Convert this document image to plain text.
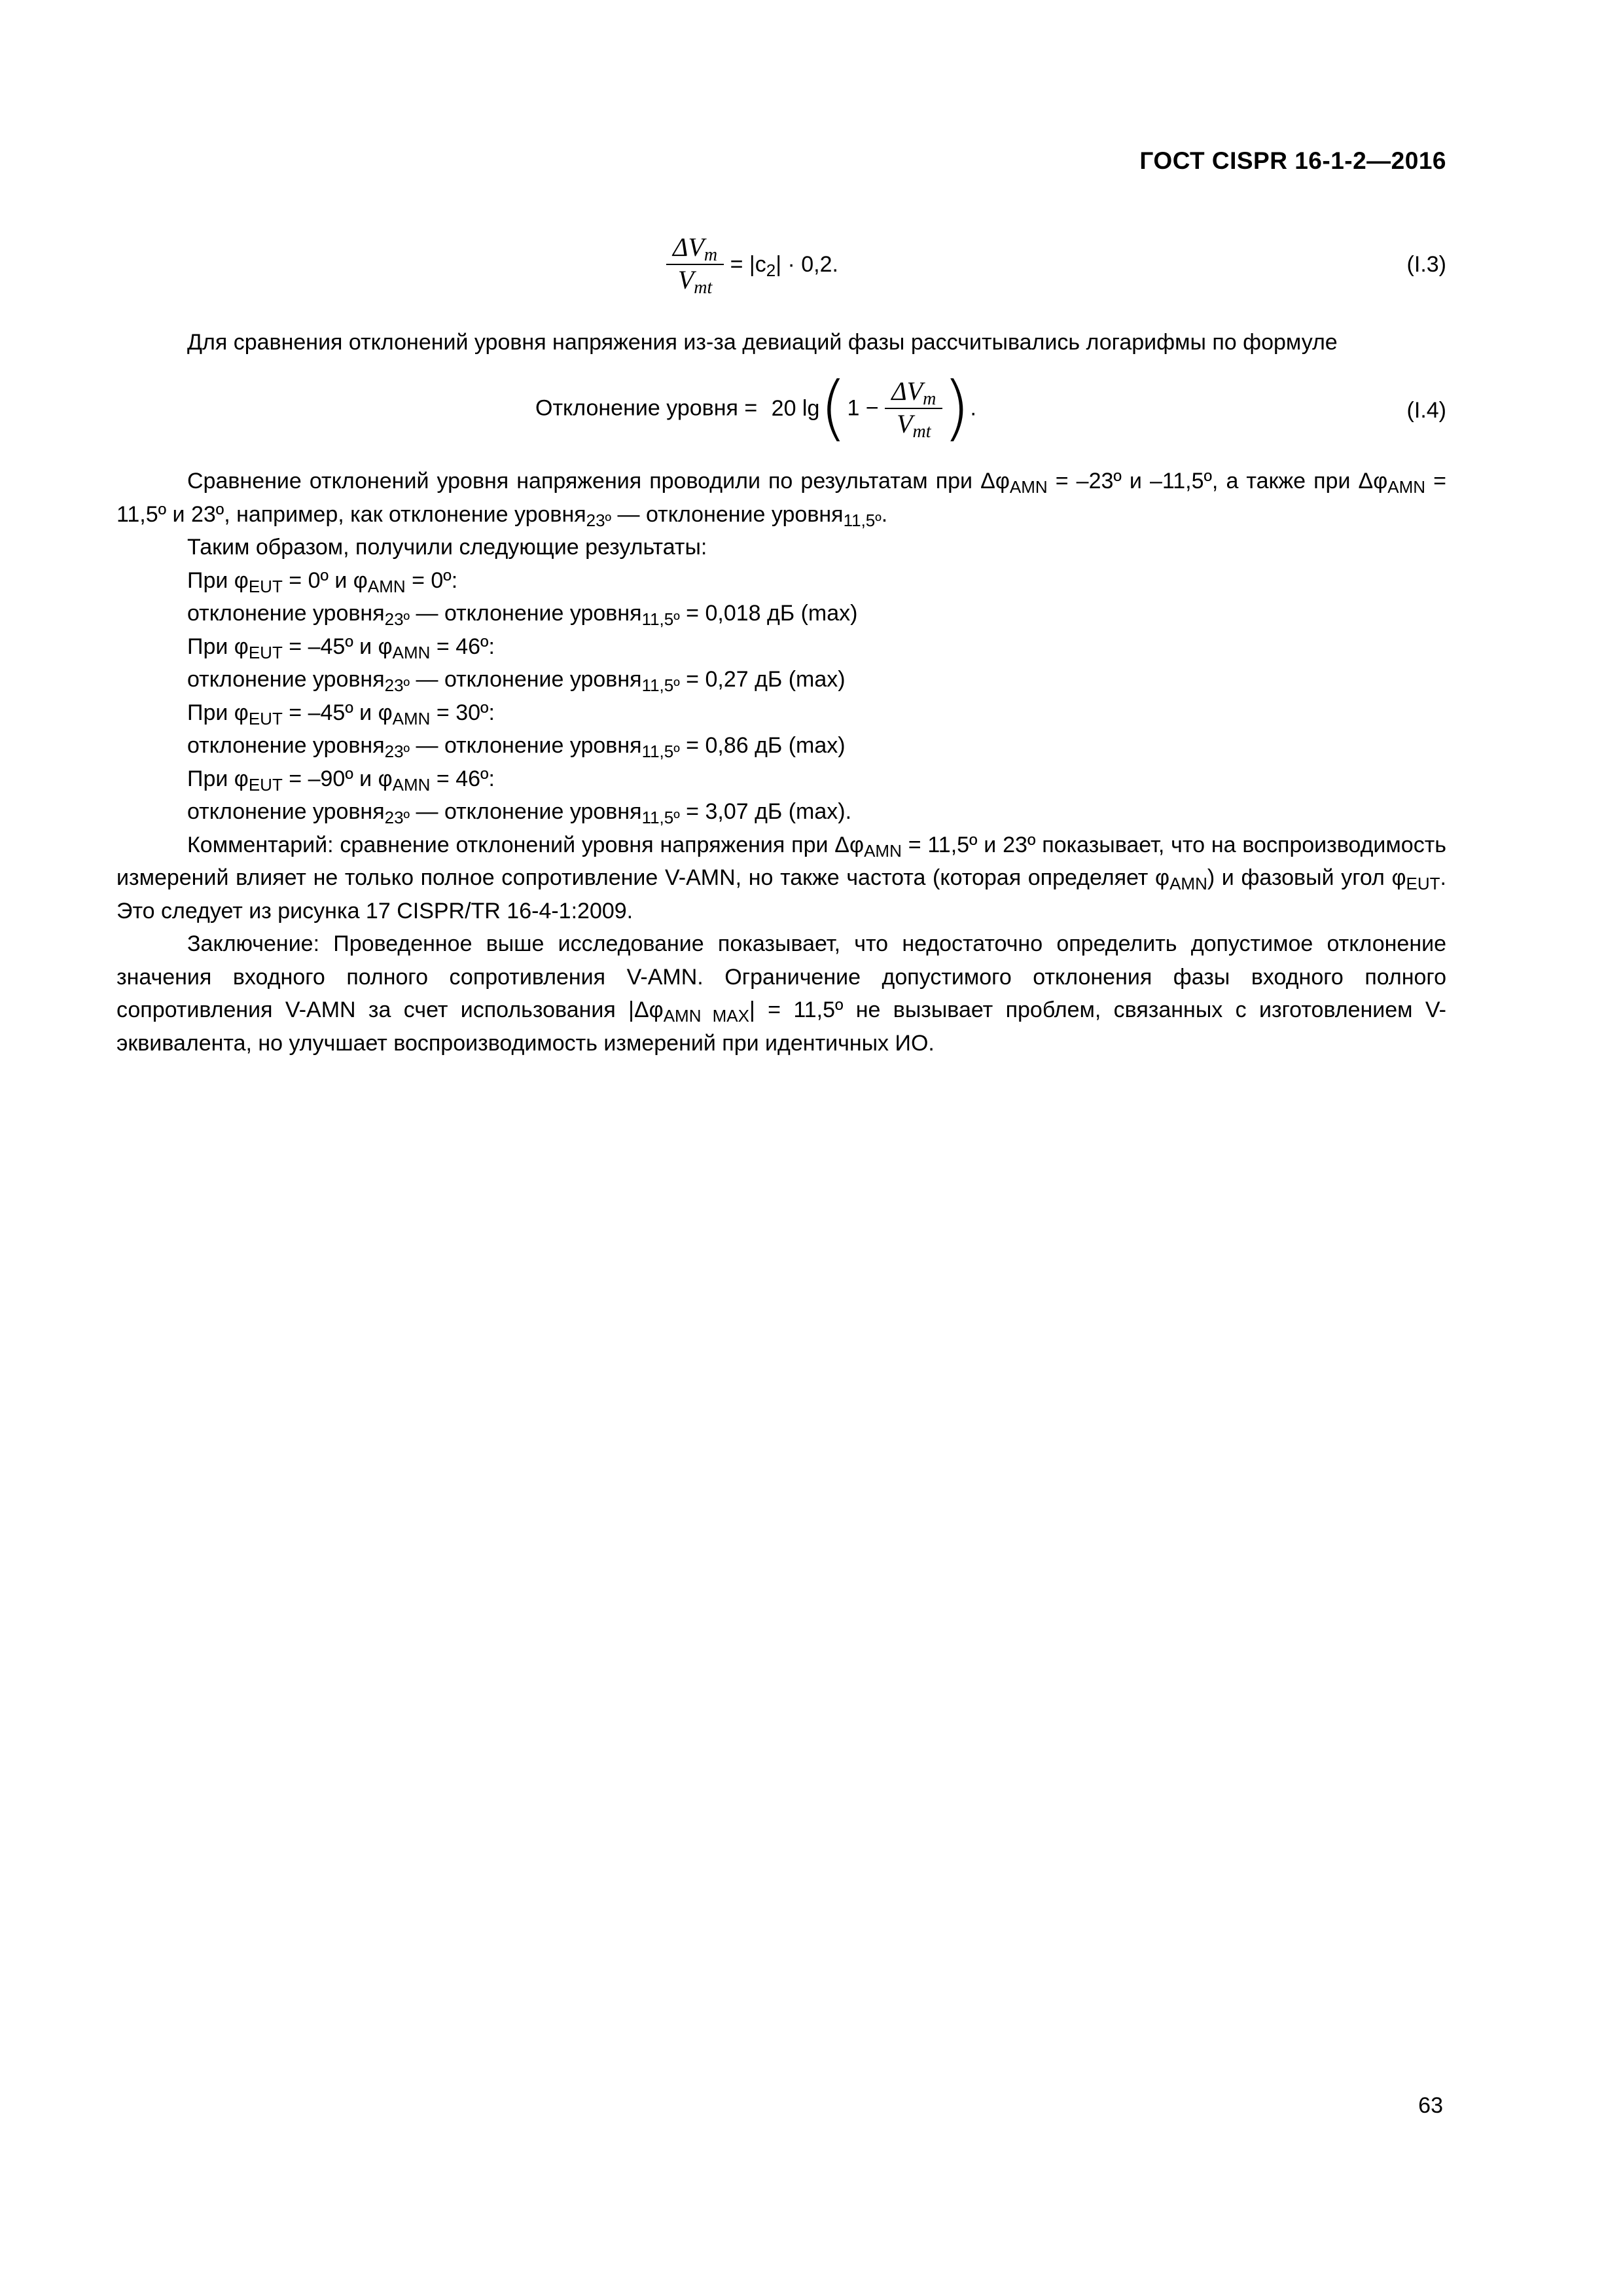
ГОСТ CISPR 16-1-2—2016
$\frac{\Delta V_m}{V_{mt}} = |c_2| \cdot 0,2$.	(I.3)

Для сравнения отклонений уровня напряжения из-за девиаций фазы рассчитывались логарифмы по формуле

Отклонение уровня = 20 $\lg(1 - \frac{\Delta V_m}{V_{mt}}$ ).	(I.4)

Сравнение отклонений уровня напряжения проводили по результатам при $\Delta\varphi_{AMN}$ = –23º и –11,5º, а также при $\Delta\varphi_{AMN}$ = 11,5º и 23º, например, как отклонение уровня$_{23º}$ — отклонение уровня$_{11,5º}$.

Таким образом, получили следующие результаты:

При $\varphi_{EUT}$ = 0º и $\varphi_{AMN}$ = 0º:

отклонение уровня$_{23º}$ — отклонение уровня$_{11,5º}$ = 0,018 дБ (max)

При $\varphi_{EUT}$ = –45º и $\varphi_{AMN}$ = 46º:

отклонение уровня$_{23º}$ — отклонение уровня$_{11,5º}$ = 0,27 дБ (max)

При $\varphi_{EUT}$ = –45º и $\varphi_{AMN}$ = 30º:

отклонение уровня$_{23º}$ — отклонение уровня$_{11,5º}$ = 0,86 дБ (max)

При $\varphi_{EUT}$ = –90º и $\varphi_{AMN}$ = 46º:

отклонение уровня$_{23º}$ — отклонение уровня$_{11,5º}$ = 3,07 дБ (max).

Комментарий: сравнение отклонений уровня напряжения при $\Delta\varphi_{AMN}$ = 11,5º и 23º показывает, что на воспроизводимость измерений влияет не только полное сопротивление V-AMN, но также частота (которая определяет $\varphi_{AMN}$) и фазовый угол $\varphi_{EUT}$. Это следует из рисунка 17 CISPR/TR 16-4-1:2009.

Заключение: Проведенное выше исследование показывает, что недостаточно определить допустимое отклонение значения входного полного сопротивления V-AMN. Ограничение допустимого отклонения фазы входного полного сопротивления V-AMN за счет использования $|\Delta\varphi_{AMN MAX}|$ = 11,5º не вызывает проблем, связанных с изготовлением V-эквивалента, но улучшает воспроизводимость измерений при идентичных ИО.

63
